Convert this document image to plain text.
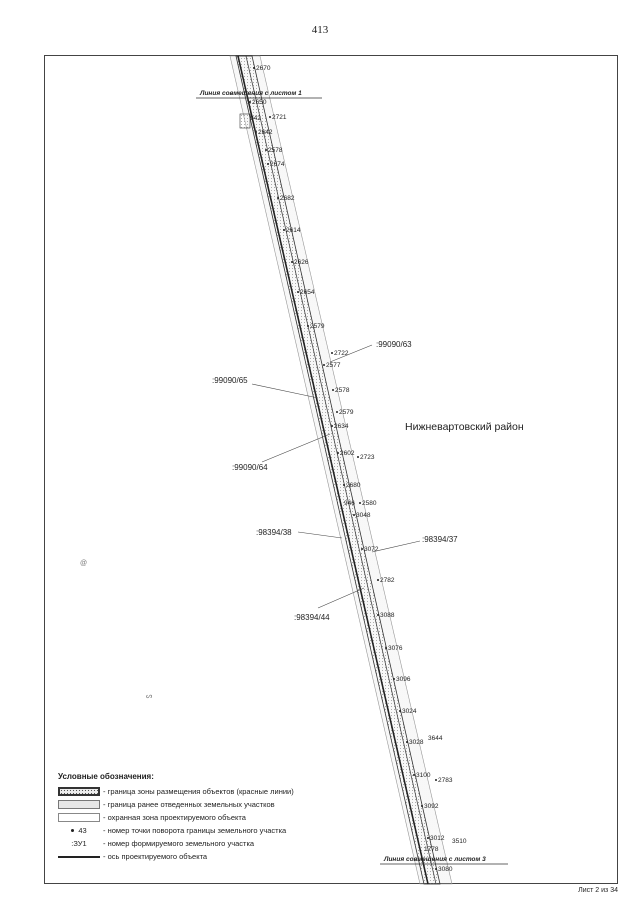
413
Линия совмещения с листом 1
Линия совмещения с листом 3
:99090/63
:99090/65
:99090/64
:98394/38
:98394/37
:98394/44
2670
2650
2721
942
2642
2578
2674
2682
2614
2626
2654
2579
2722
2577
2578
2579
2634
2602
2723
2680
946 2580
3048
3072
2782
3088
3076
3096
3024
3028
3644
3100
2783
3092
3012 3510
1778
3080
@
ᔕ
Нижневартовский район
Условные обозначения:
- граница зоны размещения объектов (красные линии)
- граница ранее отведенных земельных участков
- охранная зона проектируемого объекта
43 - номер точки поворота границы земельного участка
:ЗУ1	- номер формируемого земельного участка
- ось проектируемого объекта
Лист 2 из 34
